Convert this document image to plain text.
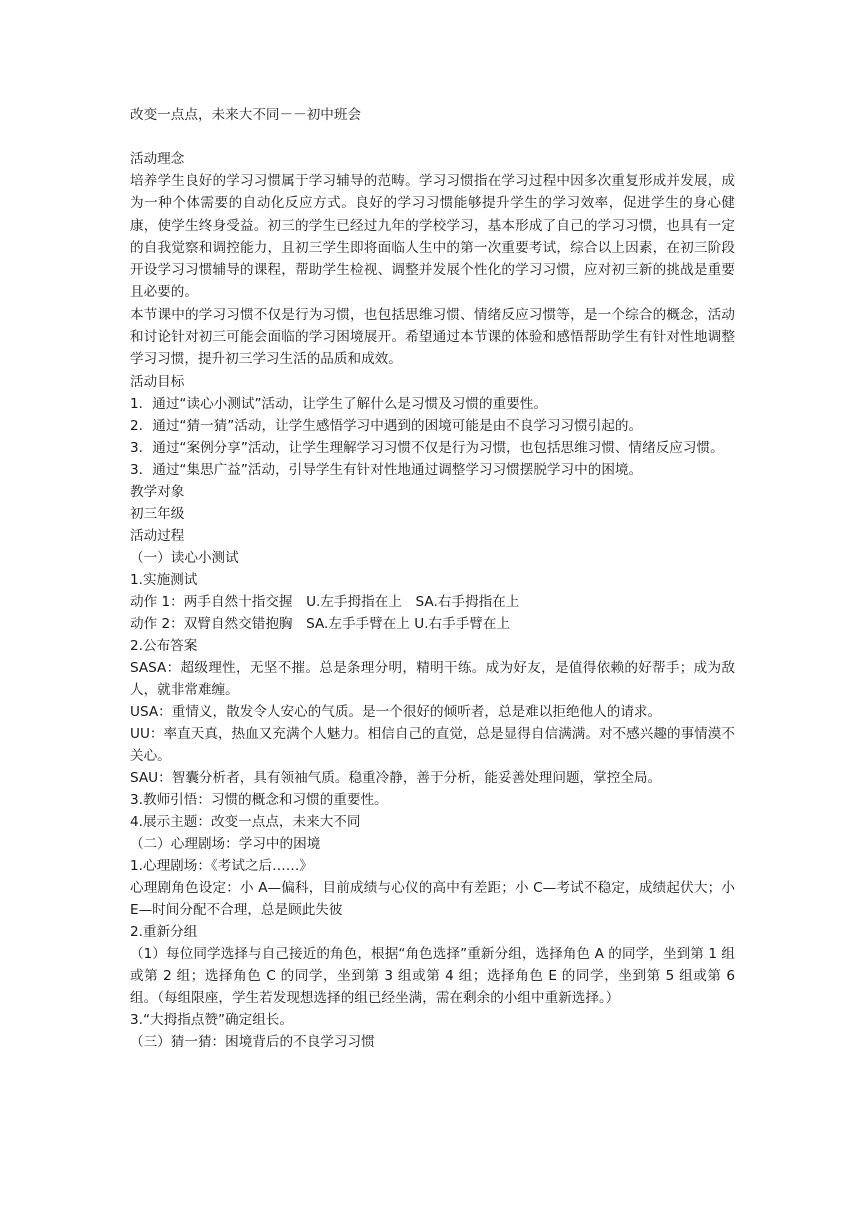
改变一点点，未来大不同－－初中班会

活动理念

培养学生良好的学习习惯属于学习辅导的范畴。学习习惯指在学习过程中因多次重复形成并发展，成为一种个体需要的自动化反应方式。良好的学习习惯能够提升学生的学习效率，促进学生的身心健康，使学生终身受益。初三的学生已经过九年的学校学习，基本形成了自己的学习习惯，也具有一定的自我觉察和调控能力，且初三学生即将面临人生中的第一次重要考试，综合以上因素，在初三阶段开设学习习惯辅导的课程，帮助学生检视、调整并发展个性化的学习习惯，应对初三新的挑战是重要且必要的。

本节课中的学习习惯不仅是行为习惯，也包括思维习惯、情绪反应习惯等，是一个综合的概念，活动和讨论针对初三可能会面临的学习困境展开。希望通过本节课的体验和感悟帮助学生有针对性地调整学习习惯，提升初三学习生活的品质和成效。

活动目标

1．通过“读心小测试”活动，让学生了解什么是习惯及习惯的重要性。

2．通过“猜一猜”活动，让学生感悟学习中遇到的困境可能是由不良学习习惯引起的。

3．通过“案例分享”活动，让学生理解学习习惯不仅是行为习惯，也包括思维习惯、情绪反应习惯。

3．通过“集思广益”活动，引导学生有针对性地通过调整学习习惯摆脱学习中的困境。

教学对象

初三年级

活动过程

（一）读心小测试

1.实施测试

动作 1：两手自然十指交握　U.左手拇指在上　SA.右手拇指在上

动作 2：双臂自然交错抱胸　SA.左手手臂在上 U.右手手臂在上

2.公布答案

SASA：超级理性，无坚不摧。总是条理分明，精明干练。成为好友，是值得依赖的好帮手；成为敌人，就非常难缠。

USA：重情义，散发令人安心的气质。是一个很好的倾听者，总是难以拒绝他人的请求。

UU：率直天真，热血又充满个人魅力。相信自己的直觉，总是显得自信满满。对不感兴趣的事情漠不关心。

SAU：智囊分析者，具有领袖气质。稳重冷静，善于分析，能妥善处理问题，掌控全局。

3.教师引悟：习惯的概念和习惯的重要性。

4.展示主题：改变一点点，未来大不同

（二）心理剧场：学习中的困境

1.心理剧场：《考试之后……》

心理剧角色设定：小 A—偏科，目前成绩与心仪的高中有差距；小 C—考试不稳定，成绩起伏大；小 E—时间分配不合理，总是顾此失彼

2.重新分组

（1）每位同学选择与自己接近的角色，根据“角色选择”重新分组，选择角色 A 的同学，坐到第 1 组或第 2 组；选择角色 C 的同学，坐到第 3 组或第 4 组；选择角色 E 的同学，坐到第 5 组或第 6 组。（每组限座，学生若发现想选择的组已经坐满，需在剩余的小组中重新选择。）

3.“大拇指点赞”确定组长。

（三）猜一猜：困境背后的不良学习习惯
